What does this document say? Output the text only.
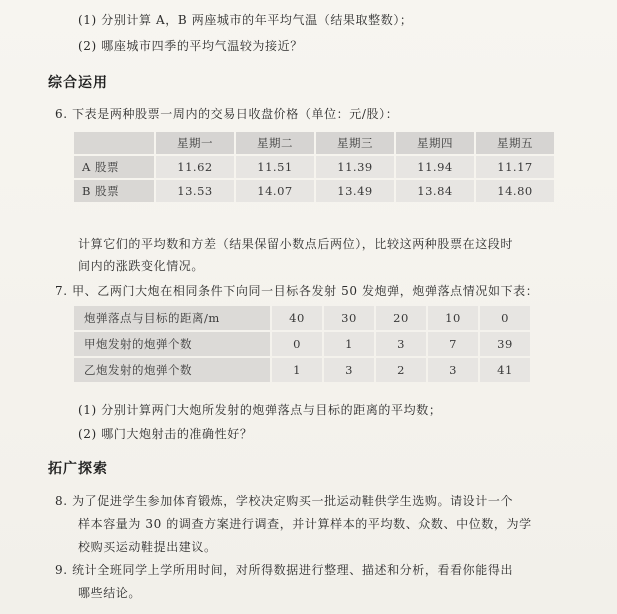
(1) 分别计算 A，B 两座城市的年平均气温（结果取整数）；
(2) 哪座城市四季的平均气温较为接近？
综合运用
6. 下表是两种股票一周内的交易日收盘价格（单位：元/股）：
	星期一	星期二	星期三	星期四	星期五
A 股票	11.62	11.51	11.39	11.94	11.17
B 股票	13.53	14.07	13.49	13.84	14.80
计算它们的平均数和方差（结果保留小数点后两位），比较这两种股票在这段时
间内的涨跌变化情况。
7. 甲、乙两门大炮在相同条件下向同一目标各发射 50 发炮弹，炮弹落点情况如下表：
炮弹落点与目标的距离/m	40	30	20	10	0
甲炮发射的炮弹个数	0	1	3	7	39
乙炮发射的炮弹个数	1	3	2	3	41
(1) 分别计算两门大炮所发射的炮弹落点与目标的距离的平均数；
(2) 哪门大炮射击的准确性好？
拓广探索
8. 为了促进学生参加体育锻炼，学校决定购买一批运动鞋供学生选购。请设计一个
样本容量为 30 的调查方案进行调查，并计算样本的平均数、众数、中位数，为学
校购买运动鞋提出建议。
9. 统计全班同学上学所用时间，对所得数据进行整理、描述和分析，看看你能得出
哪些结论。
